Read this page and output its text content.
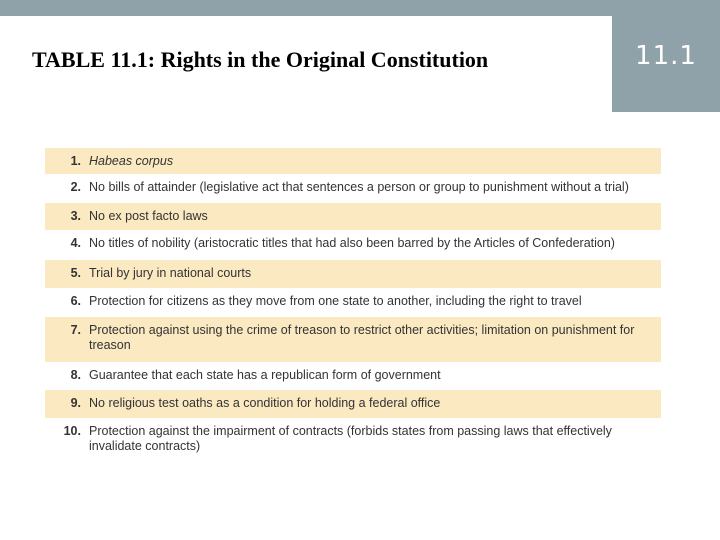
11.1
TABLE 11.1: Rights in the Original Constitution
1. Habeas corpus
2. No bills of attainder (legislative act that sentences a person or group to punishment without a trial)
3. No ex post facto laws
4. No titles of nobility (aristocratic titles that had also been barred by the Articles of Confederation)
5. Trial by jury in national courts
6. Protection for citizens as they move from one state to another, including the right to travel
7. Protection against using the crime of treason to restrict other activities; limitation on punishment for treason
8. Guarantee that each state has a republican form of government
9. No religious test oaths as a condition for holding a federal office
10. Protection against the impairment of contracts (forbids states from passing laws that effectively invalidate contracts)
